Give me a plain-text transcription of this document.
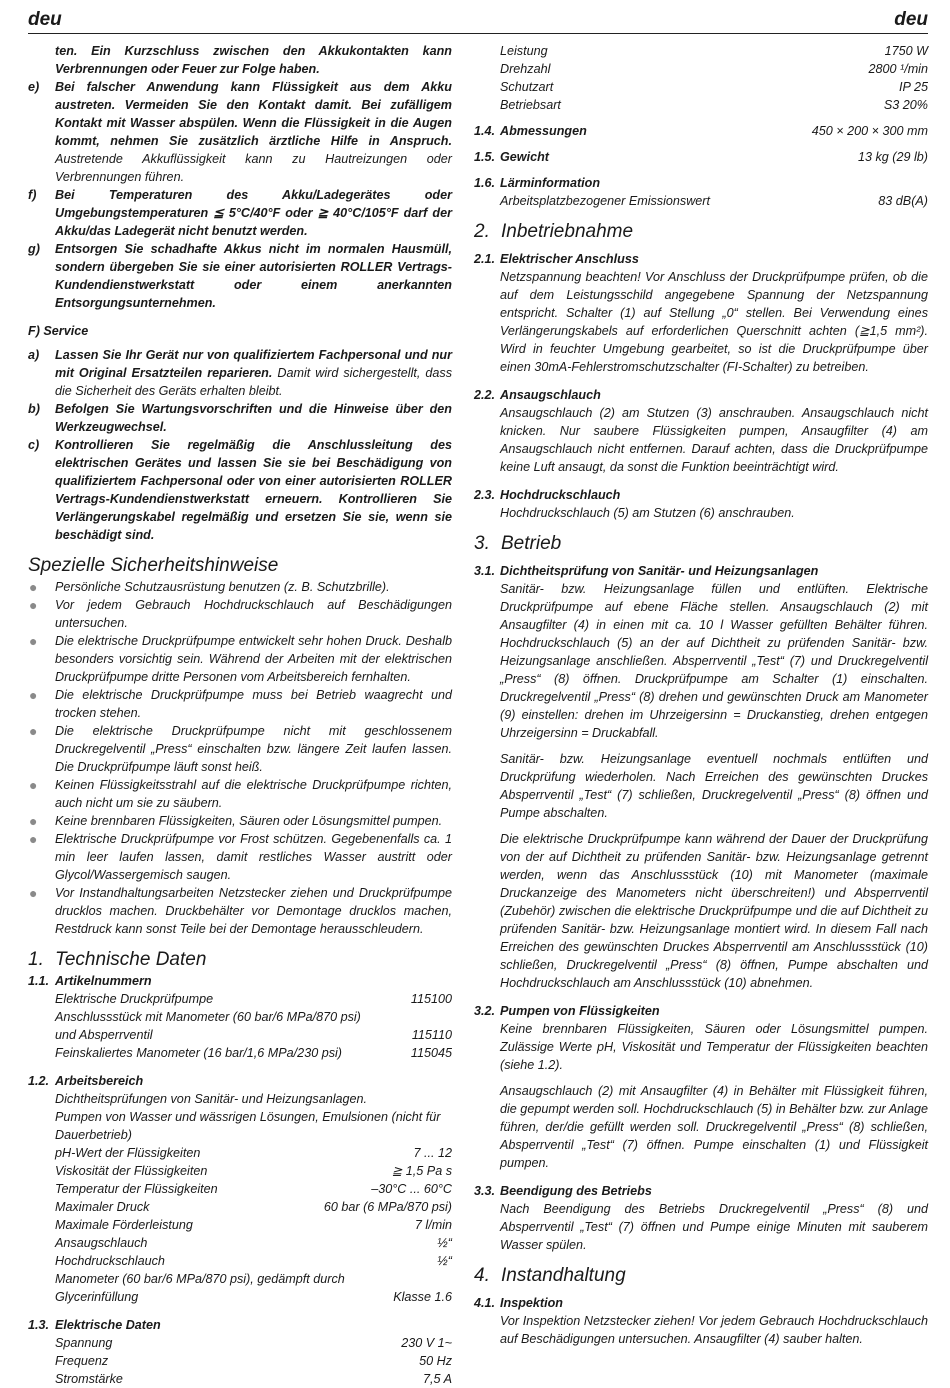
deu	deu

ten. Ein Kurzschluss zwischen den Akkukontakten kann Verbrennungen oder Feuer zur Folge haben.

e)	Bei falscher Anwendung kann Flüssigkeit aus dem Akku austreten. Vermeiden Sie den Kontakt damit. Bei zufälligem Kontakt mit Wasser abspülen. Wenn die Flüssigkeit in die Augen kommt, nehmen Sie zusätzlich ärztliche Hilfe in Anspruch. Austretende Akkuflüssigkeit kann zu Hautreizungen oder Verbrennungen führen.
f)	Bei Temperaturen des Akku/Ladegerätes oder Umgebungstemperaturen ≦ 5°C/40°F oder ≧ 40°C/105°F darf der Akku/das Ladegerät nicht benutzt werden.
g)	Entsorgen Sie schadhafte Akkus nicht im normalen Hausmüll, sondern übergeben Sie sie einer autorisierten ROLLER Vertrags-Kundendienstwerkstatt oder einem anerkannten Entsorgungsunternehmen.

F) Service

a)	Lassen Sie Ihr Gerät nur von qualifiziertem Fachpersonal und nur mit Original Ersatzteilen reparieren. Damit wird sichergestellt, dass die Sicherheit des Geräts erhalten bleibt.
b)	Befolgen Sie Wartungsvorschriften und die Hinweise über den Werkzeugwechsel.
c)	Kontrollieren Sie regelmäßig die Anschlussleitung des elektrischen Gerätes und lassen Sie sie bei Beschädigung von qualifiziertem Fachpersonal oder von einer autorisierten ROLLER Vertrags-Kundendienstwerkstatt erneuern. Kontrollieren Sie Verlängerungskabel regelmäßig und ersetzen Sie sie, wenn sie beschädigt sind.

Spezielle Sicherheitshinweise

●	Persönliche Schutzausrüstung benutzen (z. B. Schutzbrille).
●	Vor jedem Gebrauch Hochdruckschlauch auf Beschädigungen untersuchen.
●	Die elektrische Druckprüfpumpe entwickelt sehr hohen Druck. Deshalb besonders vorsichtig sein. Während der Arbeiten mit der elektrischen Druckprüfpumpe dritte Personen vom Arbeitsbereich fernhalten.
●	Die elektrische Druckprüfpumpe muss bei Betrieb waagrecht und trocken stehen.
●	Die elektrische Druckprüfpumpe nicht mit geschlossenem Druckregelventil „Press“ einschalten bzw. längere Zeit laufen lassen. Die Druckprüfpumpe läuft sonst heiß.
●	Keinen Flüssigkeitsstrahl auf die elektrische Druckprüfpumpe richten, auch nicht um sie zu säubern.
●	Keine brennbaren Flüssigkeiten, Säuren oder Lösungsmittel pumpen.
●	Elektrische Druckprüfpumpe vor Frost schützen. Gegebenenfalls ca. 1 min leer laufen lassen, damit restliches Wasser austritt oder Glycol/Wassergemisch saugen.
●	Vor Instandhaltungsarbeiten Netzstecker ziehen und Druckprüfpumpe drucklos machen. Druckbehälter vor Demontage drucklos machen, Restdruck kann sonst Teile bei der Demontage herausschleudern.

1. Technische Daten

1.1. Artikelnummern
Elektrische Druckprüfpumpe	115100
Anschlussstück mit Manometer (60 bar/6 MPa/870 psi)
und Absperrventil	115110
Feinskaliertes Manometer (16 bar/1,6 MPa/230 psi)	115045
1.2. Arbeitsbereich

Dichtheitsprüfungen von Sanitär- und Heizungsanlagen.

Pumpen von Wasser und wässrigen Lösungen, Emulsionen (nicht für Dauerbetrieb)

pH-Wert der Flüssigkeiten	7 ... 12
Viskosität der Flüssigkeiten	≧ 1,5 Pa s
Temperatur der Flüssigkeiten	–30°C ... 60°C
Maximaler Druck	60 bar (6 MPa/870 psi)
Maximale Förderleistung	7 l/min
Ansaugschlauch	½“
Hochdruckschlauch	½“
Manometer (60 bar/6 MPa/870 psi), gedämpft durch
Glycerinfüllung	Klasse 1.6
1.3. Elektrische Daten
Spannung	230 V 1~
Frequenz	50 Hz
Stromstärke	7,5 A
Leistung	1750 W
Drehzahl	2800 ¹/min
Schutzart	IP 25
Betriebsart	S3 20%
1.4. Abmessungen	450 × 200 × 300 mm
1.5. Gewicht	13 kg (29 lb)
1.6. Lärminformation
Arbeitsplatzbezogener Emissionswert	83 dB(A)

2. Inbetriebnahme

2.1. Elektrischer Anschluss

Netzspannung beachten! Vor Anschluss der Druckprüfpumpe prüfen, ob die auf dem Leistungsschild angegebene Spannung der Netzspannung entspricht. Schalter (1) auf Stellung „0“ stellen. Bei Verwendung eines Verlängerungskabels auf erforderlichen Querschnitt achten (≧1,5 mm²). Wird in feuchter Umgebung gearbeitet, so ist die Druckprüfpumpe über einen 30mA-Fehlerstromschutzschalter (FI-Schalter) zu betreiben.

2.2. Ansaugschlauch

Ansaugschlauch (2) am Stutzen (3) anschrauben. Ansaugschlauch nicht knicken. Nur saubere Flüssigkeiten pumpen, Ansaugfilter (4) am Ansaugschlauch nicht entfernen. Darauf achten, dass die Druckprüfpumpe keine Luft ansaugt, da sonst die Funktion beeinträchtigt wird.

2.3. Hochdruckschlauch

Hochdruckschlauch (5) am Stutzen (6) anschrauben.

3. Betrieb

3.1. Dichtheitsprüfung von Sanitär- und Heizungsanlagen

Sanitär- bzw. Heizungsanlage füllen und entlüften. Elektrische Druckprüfpumpe auf ebene Fläche stellen. Ansaugschlauch (2) mit Ansaugfilter (4) in einen mit ca. 10 l Wasser gefüllten Behälter führen. Hochdruckschlauch (5) an der auf Dichtheit zu prüfenden Sanitär- bzw. Heizungsanlage anschließen. Absperrventil „Test“ (7) und Druckregelventil „Press“ (8) öffnen. Druckprüfpumpe am Schalter (1) einschalten. Druckregelventil „Press“ (8) drehen und gewünschten Druck am Manometer (9) einstellen: drehen im Uhrzeigersinn = Druckanstieg, drehen entgegen Uhrzeigersinn = Druckabfall.

Sanitär- bzw. Heizungsanlage eventuell nochmals entlüften und Druckprüfung wiederholen. Nach Erreichen des gewünschten Druckes Absperrventil „Test“ (7) schließen, Druckregelventil „Press“ (8) öffnen und Pumpe abschalten.

Die elektrische Druckprüfpumpe kann während der Dauer der Druckprüfung von der auf Dichtheit zu prüfenden Sanitär- bzw. Heizungsanlage getrennt werden, wenn das Anschlussstück (10) mit Manometer (maximale Druckanzeige des Manometers nicht überschreiten!) und Absperrventil (Zubehör) zwischen die elektrische Druckprüfpumpe und die auf Dichtheit zu prüfenden Sanitär- bzw. Heizungsanlage montiert wird. In diesem Fall nach Erreichen des gewünschten Druckes Absperrventil am Anschlussstück (10) schließen, Druckregelventil „Press“ (8) öffnen, Pumpe abschalten und Hochdruckschlauch am Anschlussstück (10) abnehmen.

3.2. Pumpen von Flüssigkeiten

Keine brennbaren Flüssigkeiten, Säuren oder Lösungsmittel pumpen. Zulässige Werte pH, Viskosität und Temperatur der Flüssigkeiten beachten (siehe 1.2).

Ansaugschlauch (2) mit Ansaugfilter (4) in Behälter mit Flüssigkeit führen, die gepumpt werden soll. Hochdruckschlauch (5) in Behälter bzw. zur Anlage führen, der/die gefüllt werden soll. Druckregelventil „Press“ (8) schließen, Absperrventil „Test“ (7) öffnen. Pumpe einschalten (1) und Flüssigkeit pumpen.

3.3. Beendigung des Betriebs

Nach Beendigung des Betriebs Druckregelventil „Press“ (8) und Absperrventil „Test“ (7) öffnen und Pumpe einige Minuten mit sauberem Wasser spülen.

4. Instandhaltung

4.1. Inspektion

Vor Inspektion Netzstecker ziehen! Vor jedem Gebrauch Hochdruckschlauch auf Beschädigungen untersuchen. Ansaugfilter (4) sauber halten.
